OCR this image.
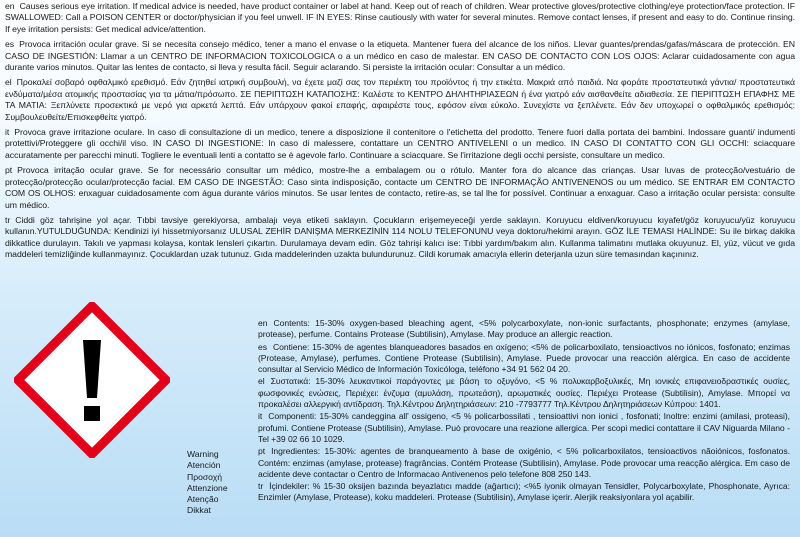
en Causes serious eye irritation. If medical advice is needed, have product container or label at hand. Keep out of reach of children. Wear protective gloves/protective clothing/eye protection/face protection. IF SWALLOWED: Call a POISON CENTER or doctor/physician if you feel unwell. IF IN EYES: Rinse cautiously with water for several minutes. Remove contact lenses, if present and easy to do. Continue rinsing. If eye irritation persists: Get medical advice/attention.

es Provoca irritación ocular grave. Si se necesita consejo médico, tener a mano el envase o la etiqueta. Mantener fuera del alcance de los niños. Llevar guantes/prendas/gafas/máscara de protección. EN CASO DE INGESTIÓN: Llamar a un CENTRO DE INFORMACION TOXICOLOGICA o a un médico en caso de malestar. EN CASO DE CONTACTO CON LOS OJOS: Aclarar cuidadosamente con agua durante varios minutos. Quitar las lentes de contacto, si lleva y resulta fácil. Seguir aclarando. Si persiste la irritación ocular: Consultar a un médico.

el Προκαλεί σοβαρό οφθαλμικό ερεθισμό. Εάν ζητηθεί ιατρική συμβουλή, να έχετε μαζί σας τον περιέκτη του προϊόντος ή την ετικέτα. Μακριά από παιδιά. Να φοράτε προστατευτικά γάντια/ προστατευτικά ενδύματα/μέσα ατομικής προστασίας για τα μάτια/πρόσωπο. ΣΕ ΠΕΡΙΠΤΩΣΗ ΚΑΤΑΠΟΣΗΣ: Καλέστε το ΚΕΝΤΡΟ ΔΗΛΗΤΗΡΙΑΣΕΩΝ ή ένα γιατρό εάν αισθανθείτε αδιαθεσία. ΣΕ ΠΕΡΙΠΤΩΣΗ ΕΠΑΦΗΣ ΜΕ ΤΑ ΜΑΤΙΑ: Ξεπλύνετε προσεκτικά με νερό για αρκετά λεπτά. Εάν υπάρχουν φακοί επαφής, αφαιρέστε τους, εφόσον είναι εύκολο. Συνεχίστε να ξεπλένετε. Εάν δεν υποχωρεί ο οφθαλμικός ερεθισμός: Συμβουλευθείτε/Επισκεφθείτε γιατρό.

it Provoca grave irritazione oculare. In caso di consultazione di un medico, tenere a disposizione il contenitore o l'etichetta del prodotto. Tenere fuori dalla portata dei bambini. Indossare guanti/ indumenti protettivi/Proteggere gli occhi/il viso. IN CASO DI INGESTIONE: In caso di malessere, contattare un CENTRO ANTIVELENI o un medico. IN CASO DI CONTATTO CON GLI OCCHI: sciacquare accuratamente per parecchi minuti. Togliere le eventuali lenti a contatto se è agevole farlo. Continuare a sciacquare. Se l'irritazione degli occhi persiste, consultare un medico.

pt Provoca irritação ocular grave. Se for necessário consultar um médico, mostre-lhe a embalagem ou o rótulo. Manter fora do alcance das crianças. Usar luvas de protecção/vestuário de protecção/protecção ocular/protecção facial. EM CASO DE INGESTÃO: Caso sinta indisposição, contacte um CENTRO DE INFORMAÇÃO ANTIVENENOS ou um médico. SE ENTRAR EM CONTACTO COM OS OLHOS: enxaguar cuidadosamente com água durante vários minutos. Se usar lentes de contacto, retire-as, se tal lhe for possível. Continuar a enxaguar. Caso a irritação ocular persista: consulte um médico.

tr Ciddi göz tahrişine yol açar. Tıbbi tavsiye gerekiyorsa, ambalajı veya etiketi saklayın. Çocukların erişemeyeceği yerde saklayın. Koruyucu eldiven/koruyucu kıyafet/göz koruyucu/yüz koruyucu kullanın.YUTULDUĞUNDA: Kendinizi iyi hissetmiyorsanız ULUSAL ZEHİR DANIŞMA MERKEZİNİN 114 NOLU TELEFONUNU veya doktoru/hekimi arayın. GÖZ İLE TEMASI HALİNDE: Su ile birkaç dakika dikkatlice durulayın. Takılı ve yapması kolaysa, kontak lensleri çıkartın. Durulamaya devam edin. Göz tahrişi kalıcı ise: Tıbbi yardım/bakım alın. Kullanma talimatını mutlaka okuyunuz. El, yüz, vücut ve gıda maddeleri temizliğinde kullanmayınız. Çocuklardan uzak tutunuz. Gıda maddelerinden uzakta bulundurunuz. Cildi korumak amacıyla ellerin deterjanla uzun süre temasından kaçınınız.

Warning
Atención
Προσοχή
Attenzione
Atenção
Dikkat

en Contents: 15-30% oxygen-based bleaching agent, <5% polycarboxylate, non-ionic surfactants, phosphonate; enzymes (amylase, protease), perfume. Contains Protease (Subtilisin), Amylase. May produce an allergic reaction.

es Contiene: 15-30% de agentes blanqueadores basados en oxígeno; <5% de policarboxilato, tensioactivos no iónicos, fosfonato; enzimas (Protease, Amylase), perfumes. Contiene Protease (Subtilisin), Amylase. Puede provocar una reacción alérgica. En caso de accidente consultar al Servicio Médico de Información Toxicóloga, teléfono +34 91 562 04 20.

el Συστατικά: 15-30% λευκαντικοί παράγοντες με βάση το οξυγόνο, <5 % πολυκαρβοξυλικές, Μη ιονικές επιφανειοδραστικές ουσίες, φωσφονικές ενώσεις, Περιέχει: ένζυμα (αμυλάση, πρωτεάση), αρωματικές ουσίες. Περιέχει Protease (Subtilisin), Amylase. Μπορεί να προκαλέσει αλλεργική αντίδραση. Τηλ.Κέντρου Δηλητηριάσεων: 210 -7793777 Τηλ.Κέντρου Δηλητηριάσεων Κύπρου: 1401.

it Componenti: 15-30% candeggina all' ossigeno, <5 % policarbossilati , tensioattivi non ionici , fosfonati; Inoltre: enzimi (amilasi, proteasi), profumi. Contiene Protease (Subtilisin), Amylase. Può provocare una reazione allergica. Per scopi medici contattare il CAV Niguarda Milano - Tel +39 02 66 10 1029.

pt Ingredientes: 15-30%: agentes de branqueamento à base de oxigénio, < 5% policarboxilatos, tensioactivos nãoiónicos, fosfonatos. Contém: enzimas (amylase, protease) fragrâncias. Contém Protease (Subtilisin), Amylase. Pode provocar uma reacção alérgica. Em caso de acidente deve contactar o Centro de Informacao Antivenenos pelo telefone 808 250 143.

tr İçindekiler: % 15-30 oksijen bazında beyazlatıcı madde (ağartıcı); <%5 iyonik olmayan Tensidler, Polycarboxylate, Phosphonate, Ayrıca: Enzimler (Amylase, Protease), koku maddeleri. Protease (Subtilisin), Amylase içerir. Alerjik reaksiyonlara yol açabilir.
